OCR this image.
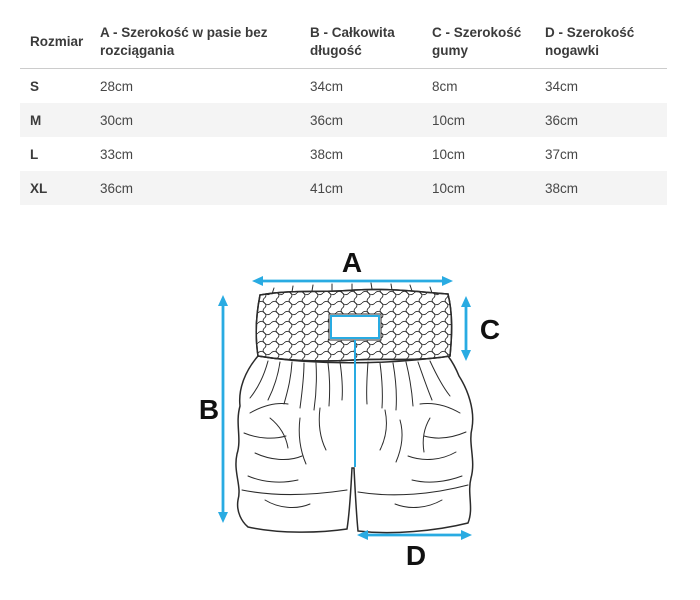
Rozmiar	A - Szerokość w pasie bez rozciągania	B - Całkowita długość	C - Szerokość gumy	D - Szerokość nogawki
S	28cm	34cm	8cm	34cm
M	30cm	36cm	10cm	36cm
L	33cm	38cm	10cm	37cm
XL	36cm	41cm	10cm	38cm
A
B
C
D
